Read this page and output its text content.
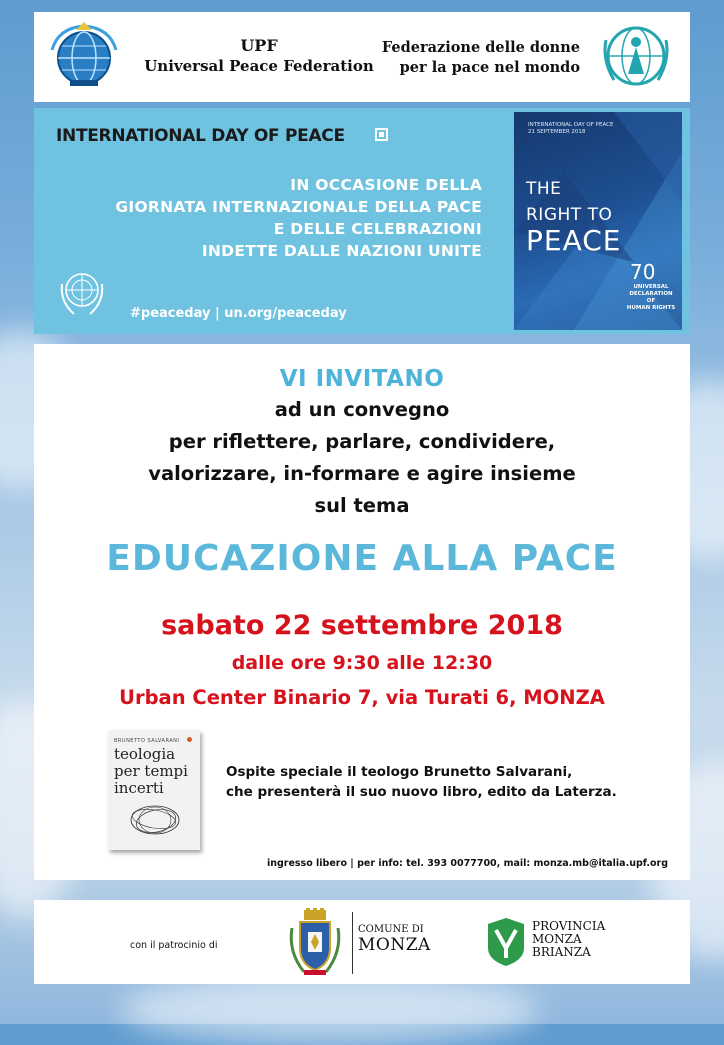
UPF
Universal Peace Federation
Federazione delle donne
per la pace nel mondo
INTERNATIONAL DAY OF PEACE
IN OCCASIONE DELLA
GIORNATA INTERNAZIONALE DELLA PACE
E DELLE CELEBRAZIONI
INDETTE DALLE NAZIONI UNITE
#peaceday | un.org/peaceday
INTERNATIONAL DAY OF PEACE
21 SEPTEMBER 2018
THE
RIGHT TO
PEACE
70
UNIVERSAL
DECLARATION OF
HUMAN RIGHTS
VI INVITANO
ad un convegno
per riflettere, parlare, condividere,
valorizzare, in-formare e agire insieme
sul tema
EDUCAZIONE ALLA PACE
sabato 22 settembre 2018
dalle ore 9:30 alle 12:30
Urban Center Binario 7, via Turati 6, MONZA
BRUNETTO SALVARANI
teologia
per tempi
incerti
Ospite speciale il teologo Brunetto Salvarani,
che presenterà il suo nuovo libro, edito da Laterza.
ingresso libero | per info: tel. 393 0077700, mail: monza.mb@italia.upf.org
con il patrocinio di
COMUNE DI
MONZA
PROVINCIA
MONZA
BRIANZA
